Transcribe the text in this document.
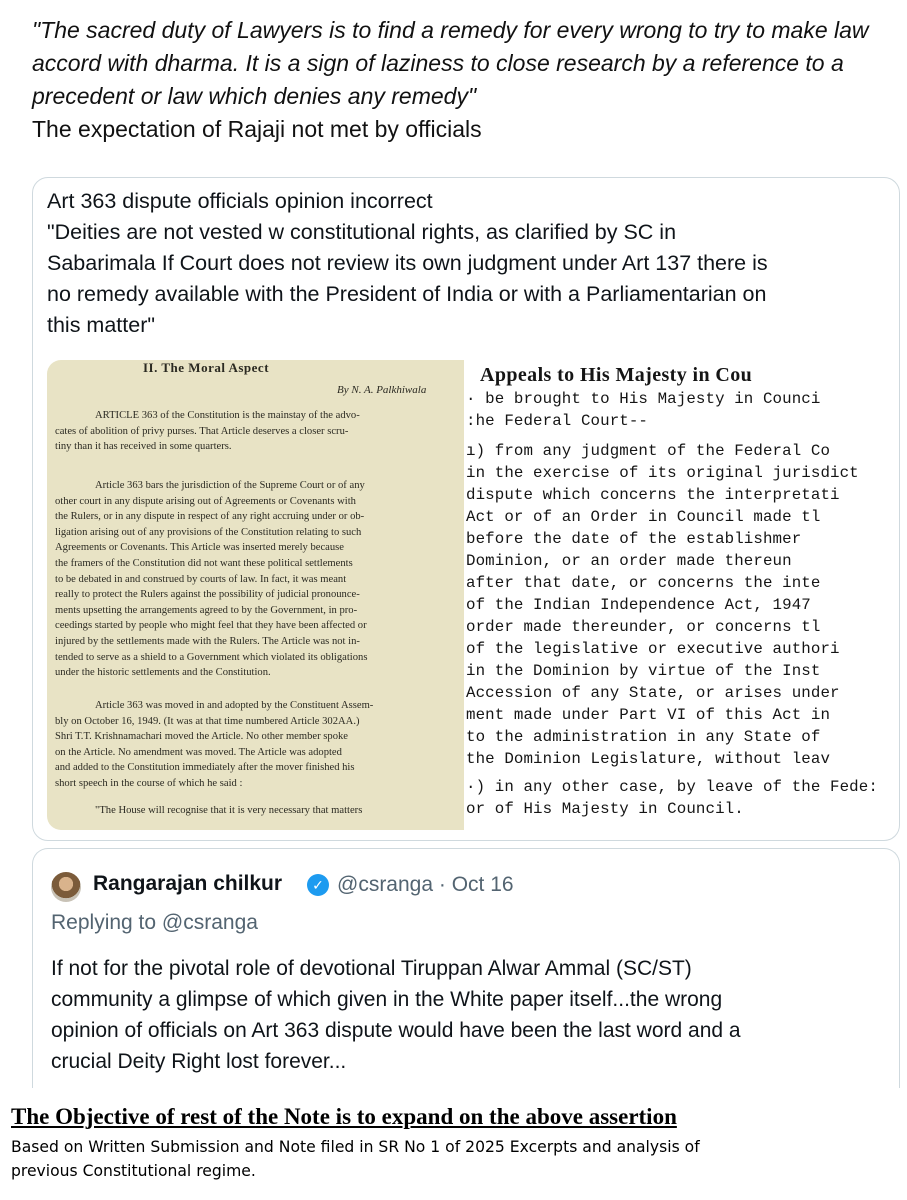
"The sacred duty of Lawyers is to find a remedy for every wrong to try to make law accord with dharma. It is a sign of laziness to close research by a reference to a precedent or law which denies any remedy"
The expectation of Rajaji not met by officials
Art 363 dispute officials opinion incorrect
"Deities are not vested w constitutional rights, as clarified by SC in
Sabarimala If Court does not review its own judgment under Art 137 there is
no remedy available with the President of India or with a Parliamentarian on
this matter"
II. The Moral Aspect
By N. A. Palkhiwala
ARTICLE 363 of the Constitution is the mainstay of the advo-
cates of abolition of privy purses. That Article deserves a closer scru-
tiny than it has received in some quarters.
Article 363 bars the jurisdiction of the Supreme Court or of any
other court in any dispute arising out of Agreements or Covenants with
the Rulers, or in any dispute in respect of any right accruing under or ob-
ligation arising out of any provisions of the Constitution relating to such
Agreements or Covenants. This Article was inserted merely because
the framers of the Constitution did not want these political settlements
to be debated in and construed by courts of law. In fact, it was meant
really to protect the Rulers against the possibility of judicial pronounce-
ments upsetting the arrangements agreed to by the Government, in pro-
ceedings started by people who might feel that they have been affected or
injured by the settlements made with the Rulers. The Article was not in-
tended to serve as a shield to a Government which violated its obligations
under the historic settlements and the Constitution.
Article 363 was moved in and adopted by the Constituent Assem-
bly on October 16, 1949. (It was at that time numbered Article 302AA.)
Shri T.T. Krishnamachari moved the Article. No other member spoke
on the Article. No amendment was moved. The Article was adopted
and added to the Constitution immediately after the mover finished his
short speech in the course of which he said :
"The House will recognise that it is very necessary that matters
Appeals to His Majesty in Cou
· be brought to His Majesty in Counci
:he Federal Court--
ı) from any judgment of the Federal Co
in the exercise of its original jurisdict
dispute which concerns the interpretati
Act or of an Order in Council made tl
before the date of the establishmer
Dominion, or an order made thereun
after that date, or concerns the inte
of the Indian Independence Act, 1947
order made thereunder, or concerns tl
of the legislative or executive authori
in the Dominion by virtue of the Inst
Accession of any State, or arises under
ment made under Part VI of this Act in
to the administration in any State of
the Dominion Legislature, without leav
·) in any other case, by leave of the Fede:
or of His Majesty in Council.
Rangarajan chilkur	✓ @csranga · Oct 16
Replying to @csranga
If not for the pivotal role of devotional Tiruppan Alwar Ammal (SC/ST)
community a glimpse of which given in the White paper itself...the wrong
opinion of officials on Art 363 dispute would have been the last word and a
crucial Deity Right lost forever...
The Objective of rest of the Note is to expand on the above assertion
Based on Written Submission and Note filed in SR No 1 of 2025 Excerpts and analysis of
previous Constitutional regime.
